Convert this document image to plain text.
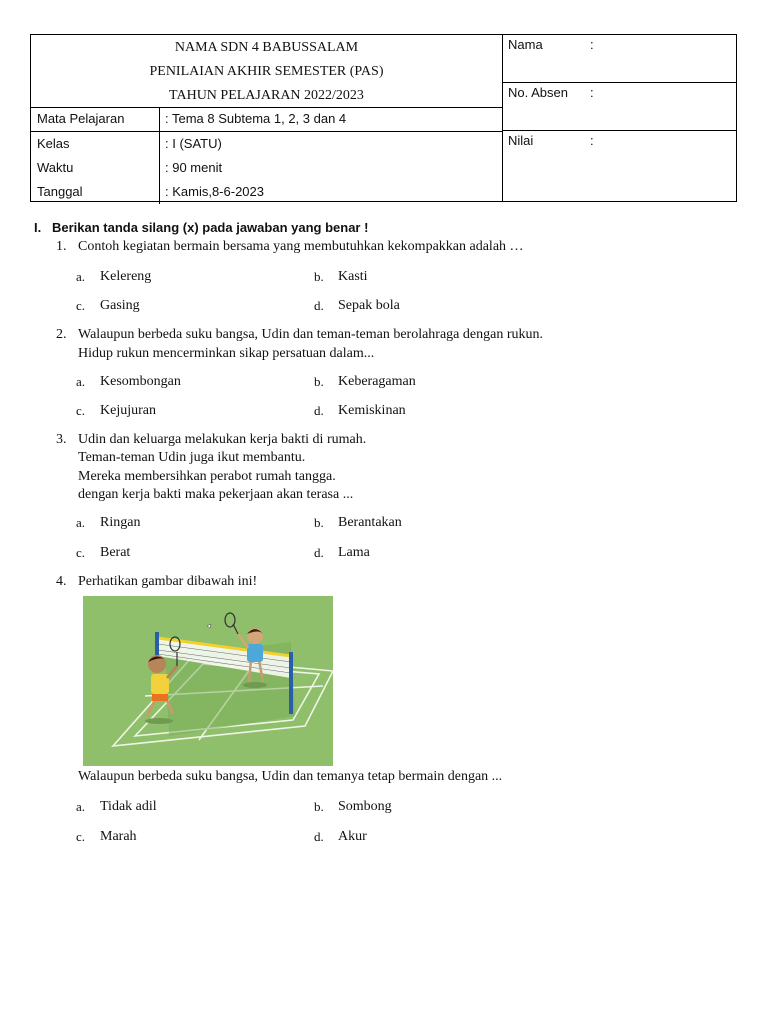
NAMA SDN 4 BABUSSALAM
PENILAIAN AKHIR SEMESTER (PAS)
TAHUN PELAJARAN 2022/2023
Mata Pelajaran	: Tema 8 Subtema 1, 2, 3 dan 4
Kelas	: I (SATU)
Waktu	: 90 menit
Tanggal	: Kamis,8-6-2023
Nama	:
No. Absen :
Nilai	:
I. Berikan tanda silang (x) pada jawaban yang benar !
1. Contoh kegiatan bermain bersama yang membutuhkan kekompakkan adalah …
a. Kelereng	b. Kasti
c. Gasing	d. Sepak bola
2. Walaupun berbeda suku bangsa, Udin dan teman-teman berolahraga dengan rukun.
Hidup rukun mencerminkan sikap persatuan dalam...
a. Kesombongan	b. Keberagaman
c. Kejujuran	d. Kemiskinan
3. Udin dan keluarga melakukan kerja bakti di rumah.
Teman-teman Udin juga ikut membantu.
Mereka membersihkan perabot rumah tangga.
dengan kerja bakti maka pekerjaan akan terasa ...
a. Ringan	b. Berantakan
c. Berat	d. Lama
4. Perhatikan gambar dibawah ini!
Walaupun berbeda suku bangsa, Udin dan temanya tetap bermain dengan ...
a. Tidak adil	b. Sombong
c. Marah	d. Akur
